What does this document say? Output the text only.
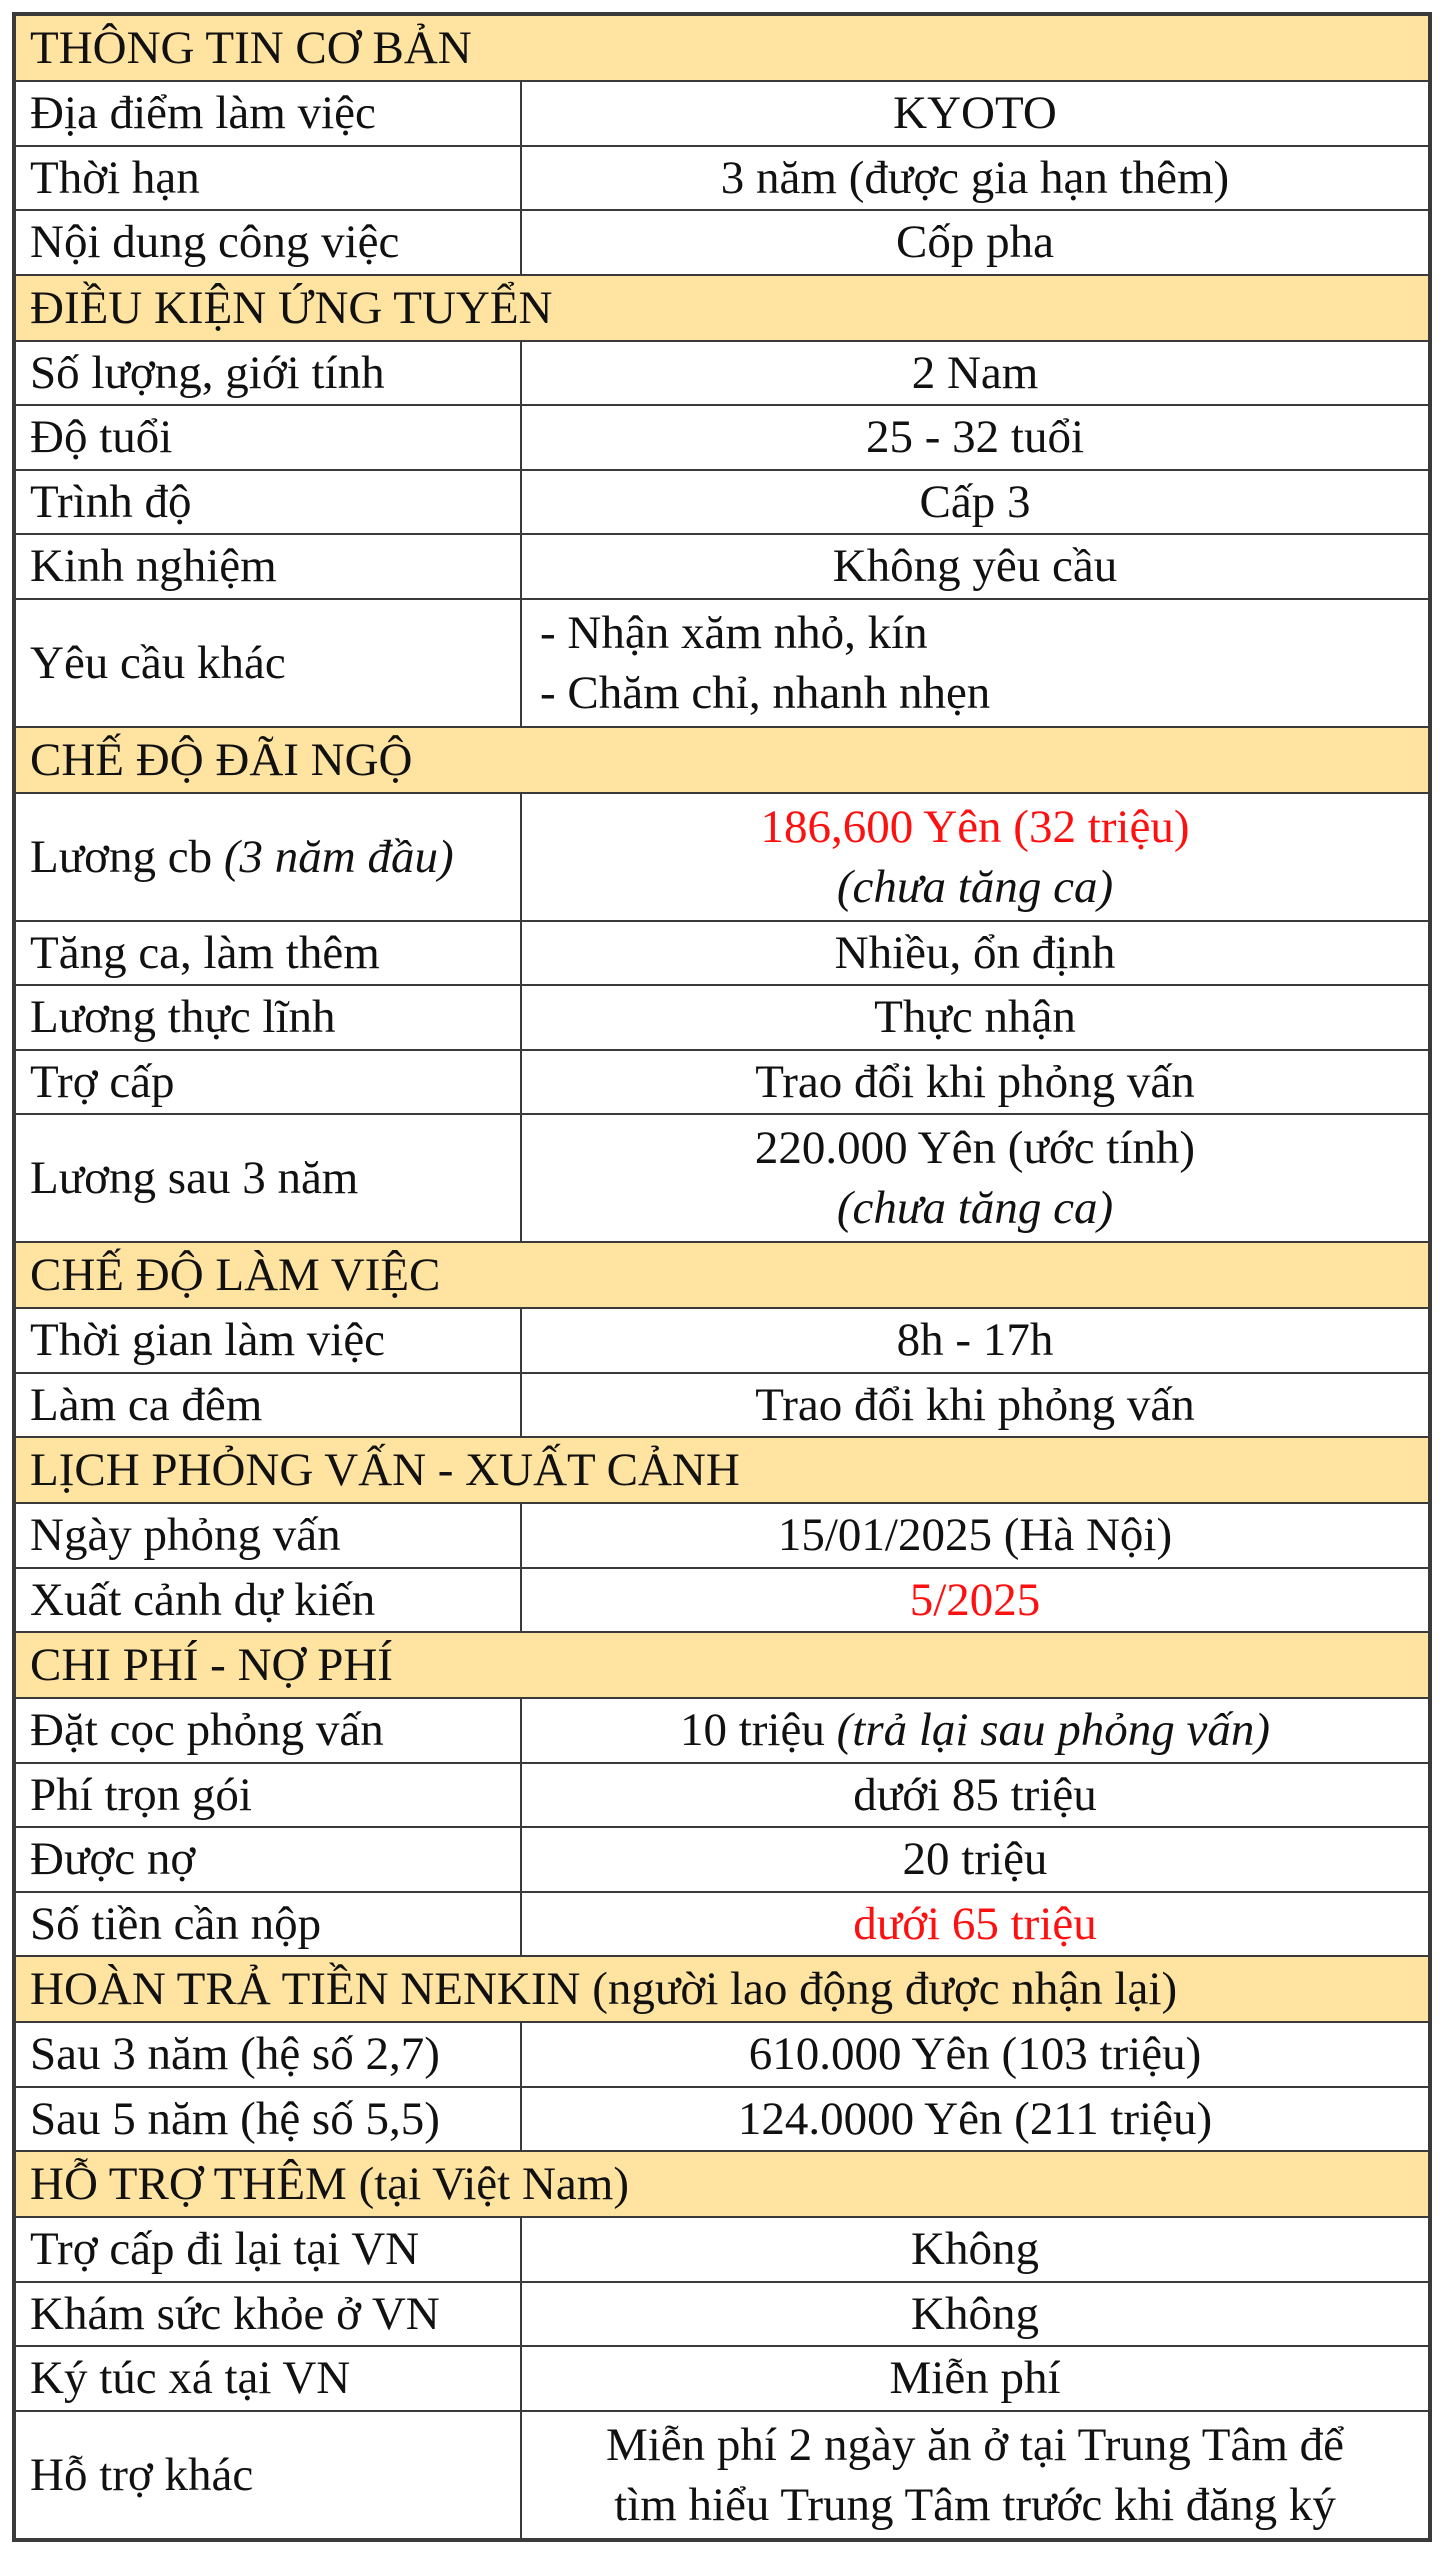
THÔNG TIN CƠ BẢN	
Địa điểm làm việc	KYOTO
Thời hạn	3 năm (được gia hạn thêm)
Nội dung công việc	Cốp pha
ĐIỀU KIỆN ỨNG TUYỂN	
Số lượng, giới tính	2 Nam
Độ tuổi	25 - 32 tuổi
Trình độ	Cấp 3
Kinh nghiệm	Không yêu cầu
Yêu cầu khác	- Nhận xăm nhỏ, kín
- Chăm chỉ, nhanh nhẹn

CHẾ ĐỘ ĐÃI NGỘ	
Lương cb (3 năm đầu)	186,600 Yên (32 triệu)
(chưa tăng ca)

Tăng ca, làm thêm	Nhiều, ổn định
Lương thực lĩnh	Thực nhận
Trợ cấp	Trao đổi khi phỏng vấn
Lương sau 3 năm	220.000 Yên (ước tính)
(chưa tăng ca)

CHẾ ĐỘ LÀM VIỆC	
Thời gian làm việc	8h - 17h
Làm ca đêm	Trao đổi khi phỏng vấn
LỊCH PHỎNG VẤN - XUẤT CẢNH	
Ngày phỏng vấn	15/01/2025 (Hà Nội)
Xuất cảnh dự kiến	5/2025
CHI PHÍ - NỢ PHÍ	
Đặt cọc phỏng vấn	10 triệu (trả lại sau phỏng vấn)
Phí trọn gói	dưới 85 triệu
Được nợ	20 triệu
Số tiền cần nộp	dưới 65 triệu
HOÀN TRẢ TIỀN NENKIN (người lao động được nhận lại)	
Sau 3 năm (hệ số 2,7)	610.000 Yên (103 triệu)
Sau 5 năm (hệ số 5,5)	124.0000 Yên (211 triệu)
HỖ TRỢ THÊM (tại Việt Nam)	
Trợ cấp đi lại tại VN	Không
Khám sức khỏe ở VN	Không
Ký túc xá tại VN	Miễn phí
Hỗ trợ khác	Miễn phí 2 ngày ăn ở tại Trung Tâm để
tìm hiểu Trung Tâm trước khi đăng ký
